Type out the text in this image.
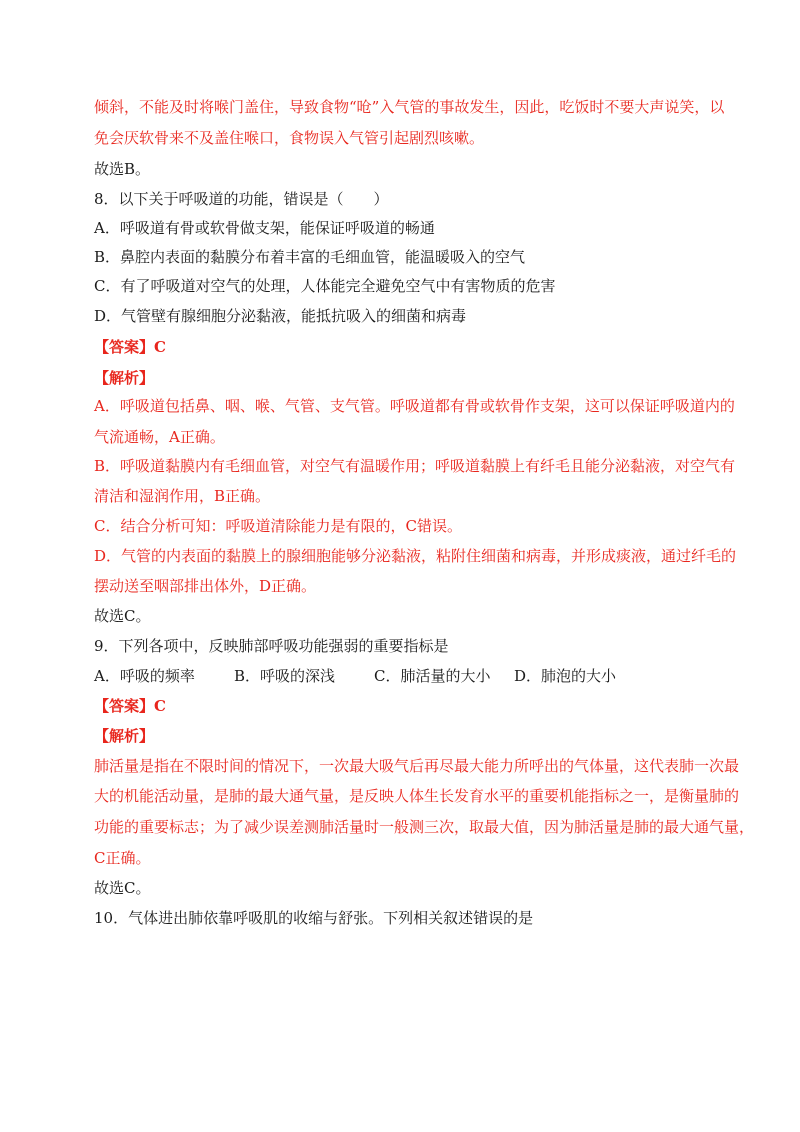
倾斜，不能及时将喉门盖住，导致食物“呛”入气管的事故发生，因此，吃饭时不要大声说笑，以
免会厌软骨来不及盖住喉口，食物误入气管引起剧烈咳嗽。
故选B。
8．以下关于呼吸道的功能，错误是（　　）
A．呼吸道有骨或软骨做支架，能保证呼吸道的畅通
B．鼻腔内表面的黏膜分布着丰富的毛细血管，能温暖吸入的空气
C．有了呼吸道对空气的处理，人体能完全避免空气中有害物质的危害
D．气管壁有腺细胞分泌黏液，能抵抗吸入的细菌和病毒
【答案】C
【解析】
A．呼吸道包括鼻、咽、喉、气管、支气管。呼吸道都有骨或软骨作支架，这可以保证呼吸道内的
气流通畅，A正确。
B．呼吸道黏膜内有毛细血管，对空气有温暖作用；呼吸道黏膜上有纤毛且能分泌黏液，对空气有
清洁和湿润作用，B正确。
C．结合分析可知：呼吸道清除能力是有限的，C错误。
D．气管的内表面的黏膜上的腺细胞能够分泌黏液，粘附住细菌和病毒，并形成痰液，通过纤毛的
摆动送至咽部排出体外，D正确。
故选C。
9．下列各项中，反映肺部呼吸功能强弱的重要指标是
A．呼吸的频率	B．呼吸的深浅	C．肺活量的大小 D．肺泡的大小
【答案】C
【解析】
肺活量是指在不限时间的情况下，一次最大吸气后再尽最大能力所呼出的气体量，这代表肺一次最
大的机能活动量，是肺的最大通气量，是反映人体生长发育水平的重要机能指标之一，是衡量肺的
功能的重要标志；为了减少误差测肺活量时一般测三次，取最大值，因为肺活量是肺的最大通气量，
C正确。
故选C。
10．气体进出肺依靠呼吸肌的收缩与舒张。下列相关叙述错误的是
